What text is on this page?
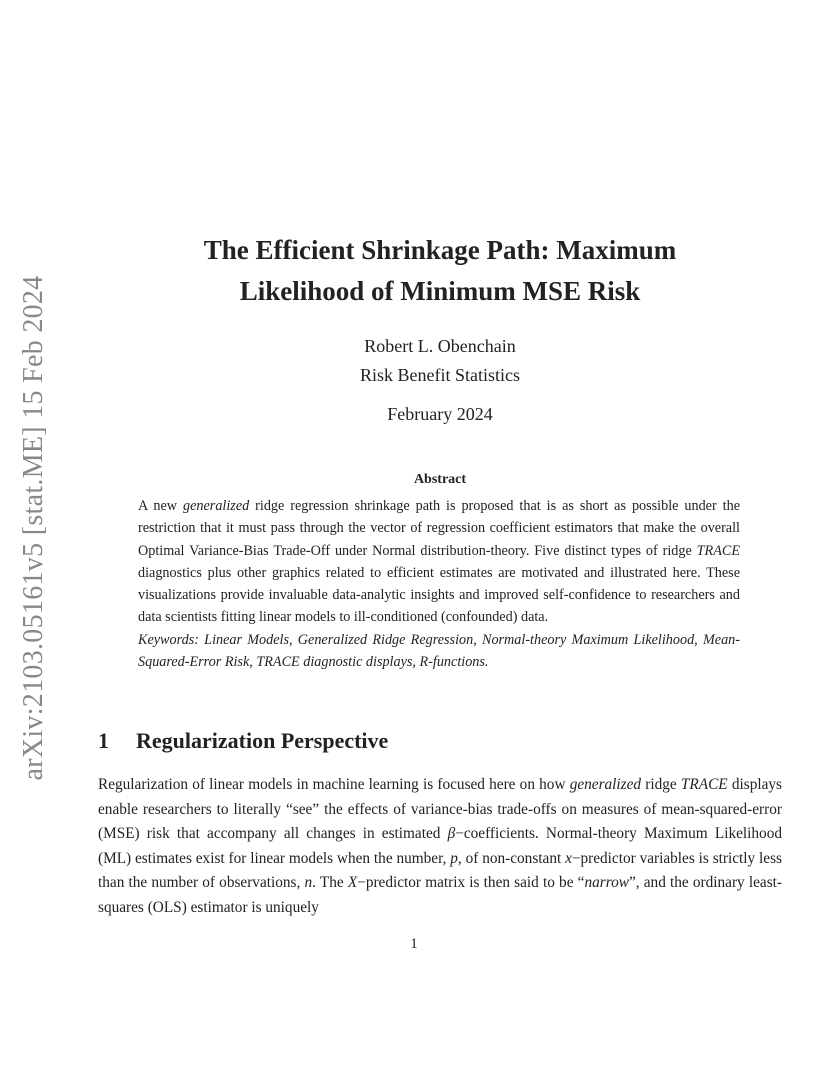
arXiv:2103.05161v5 [stat.ME] 15 Feb 2024
The Efficient Shrinkage Path: Maximum
Likelihood of Minimum MSE Risk
Robert L. Obenchain
Risk Benefit Statistics
February 2024
Abstract

A new generalized ridge regression shrinkage path is proposed that is as short as possible under the restriction that it must pass through the vector of regression coefficient estimators that make the overall Optimal Variance-Bias Trade-Off under Normal distribution-theory. Five distinct types of ridge TRACE diagnostics plus other graphics related to efficient estimates are motivated and illustrated here. These visualizations provide invaluable data-analytic insights and improved self-confidence to researchers and data scientists fitting linear models to ill-conditioned (confounded) data.

Keywords: Linear Models, Generalized Ridge Regression, Normal-theory Maximum Likelihood, Mean-Squared-Error Risk, TRACE diagnostic displays, R-functions.

1 Regularization Perspective

Regularization of linear models in machine learning is focused here on how generalized ridge TRACE displays enable researchers to literally “see” the effects of variance-bias trade-offs on measures of mean-squared-error (MSE) risk that accompany all changes in estimated β−coefficients. Normal-theory Maximum Likelihood (ML) estimates exist for linear models when the number, p, of non-constant x−predictor variables is strictly less than the number of observations, n. The X−predictor matrix is then said to be “narrow”, and the ordinary least-squares (OLS) estimator is uniquely

1
